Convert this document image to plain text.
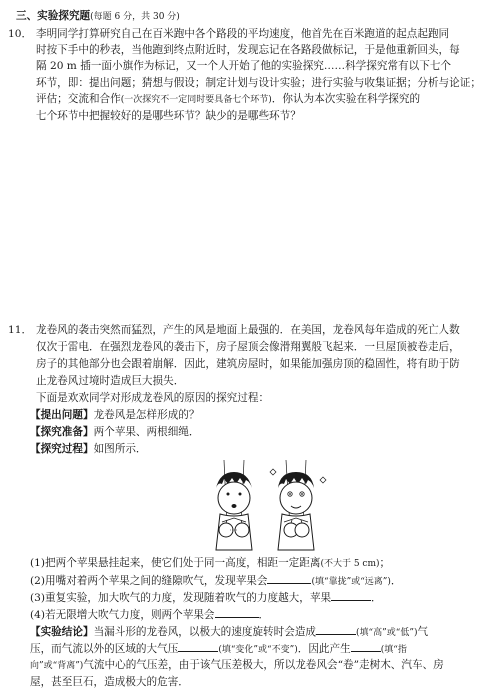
三、实验探究题(每题 6 分，共 30 分)
10． 李明同学打算研究自己在百米跑中各个路段的平均速度，他首先在百米跑道的起点起跑同
时按下手中的秒表，当他跑到终点附近时，发现忘记在各路段做标记，于是他重新回头，每
隔 20 m 插一面小旗作为标记，又一个人开始了他的实验探究……科学探究常有以下七个
环节，即：提出问题；猜想与假设；制定计划与设计实验；进行实验与收集证据；分析与论证；
评估；交流和合作(一次探究不一定同时要具备七个环节)．你认为本次实验在科学探究的
七个环节中把握较好的是哪些环节？缺少的是哪些环节？
11． 龙卷风的袭击突然而猛烈，产生的风是地面上最强的．在美国，龙卷风每年造成的死亡人数
仅次于雷电．在强烈龙卷风的袭击下，房子屋顶会像滑翔翼般飞起来．一旦屋顶被卷走后，
房子的其他部分也会跟着崩解．因此，建筑房屋时，如果能加强房顶的稳固性，将有助于防
止龙卷风过境时造成巨大损失．
下面是欢欢同学对形成龙卷风的原因的探究过程：
【提出问题】龙卷风是怎样形成的？
【探究准备】两个苹果、两根细绳．
【探究过程】如图所示．
(1)把两个苹果悬挂起来，使它们处于同一高度，相距一定距离(不大于 5 cm)；
(2)用嘴对着两个苹果之间的缝隙吹气，发现苹果会	(填“靠拢”或“远离”)．
(3)重复实验，加大吹气的力度，发现随着吹气的力度越大，苹果	．
(4)若无限增大吹气力度，则两个苹果会	．
【实验结论】当漏斗形的龙卷风，以极大的速度旋转时会造成	(填“高”或“低”)气
压，而气流以外的区域的大气压	(填“变化”或“不变”)．因此产生	(填“指
向”或“背离”)气流中心的气压差，由于该气压差极大，所以龙卷风会“卷”走树木、汽车、房
屋，甚至巨石，造成极大的危害．
